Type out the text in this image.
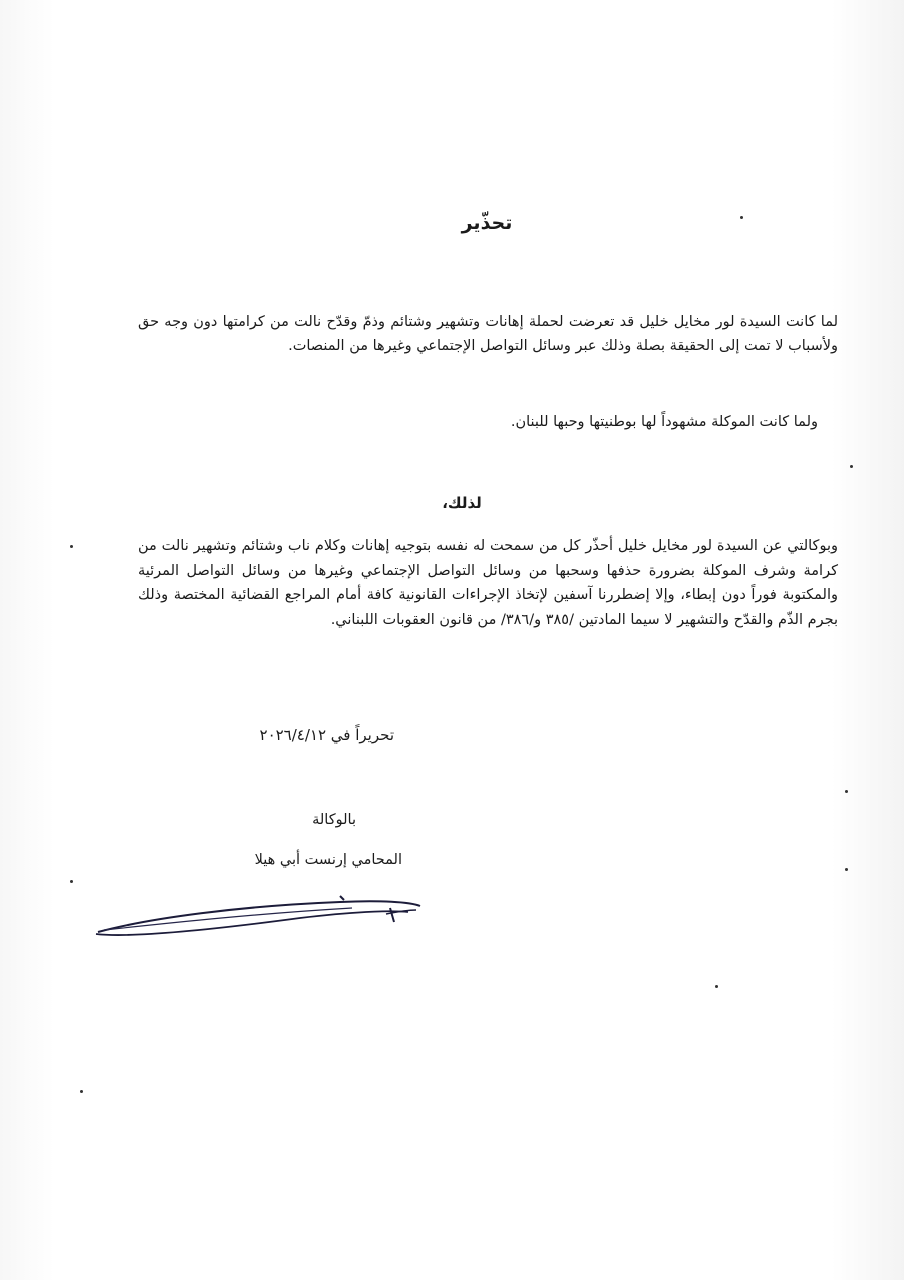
تحذّير
لما كانت السيدة لور مخايل خليل قد تعرضت لحملة إهانات وتشهير وشتائم وذمّ وقدّح نالت من كرامتها دون وجه حق ولأسباب لا تمت إلى الحقيقة بصلة وذلك عبر وسائل التواصل الإجتماعي وغيرها من المنصات.
ولما كانت الموكلة مشهوداً لها بوطنيتها وحبها للبنان.
لذلك،
وبوكالتي عن السيدة لور مخايل خليل أحذّر كل من سمحت له نفسه بتوجيه إهانات وكلام ناب وشتائم وتشهير نالت من كرامة وشرف الموكلة بضرورة حذفها وسحبها من وسائل التواصل الإجتماعي وغيرها من وسائل التواصل المرئية والمكتوبة فوراً دون إبطاء، وإلا إضطررنا آسفين لإتخاذ الإجراءات القانونية كافة أمام المراجع القضائية المختصة وذلك بجرم الذّم والقدّح والتشهير لا سيما المادتين /٣٨٥ و/٣٨٦/ من قانون العقوبات اللبناني.
تحريراً في ٢٠٢٦/٤/١٢
بالوكالة
المحامي إرنست أبي هيلا
